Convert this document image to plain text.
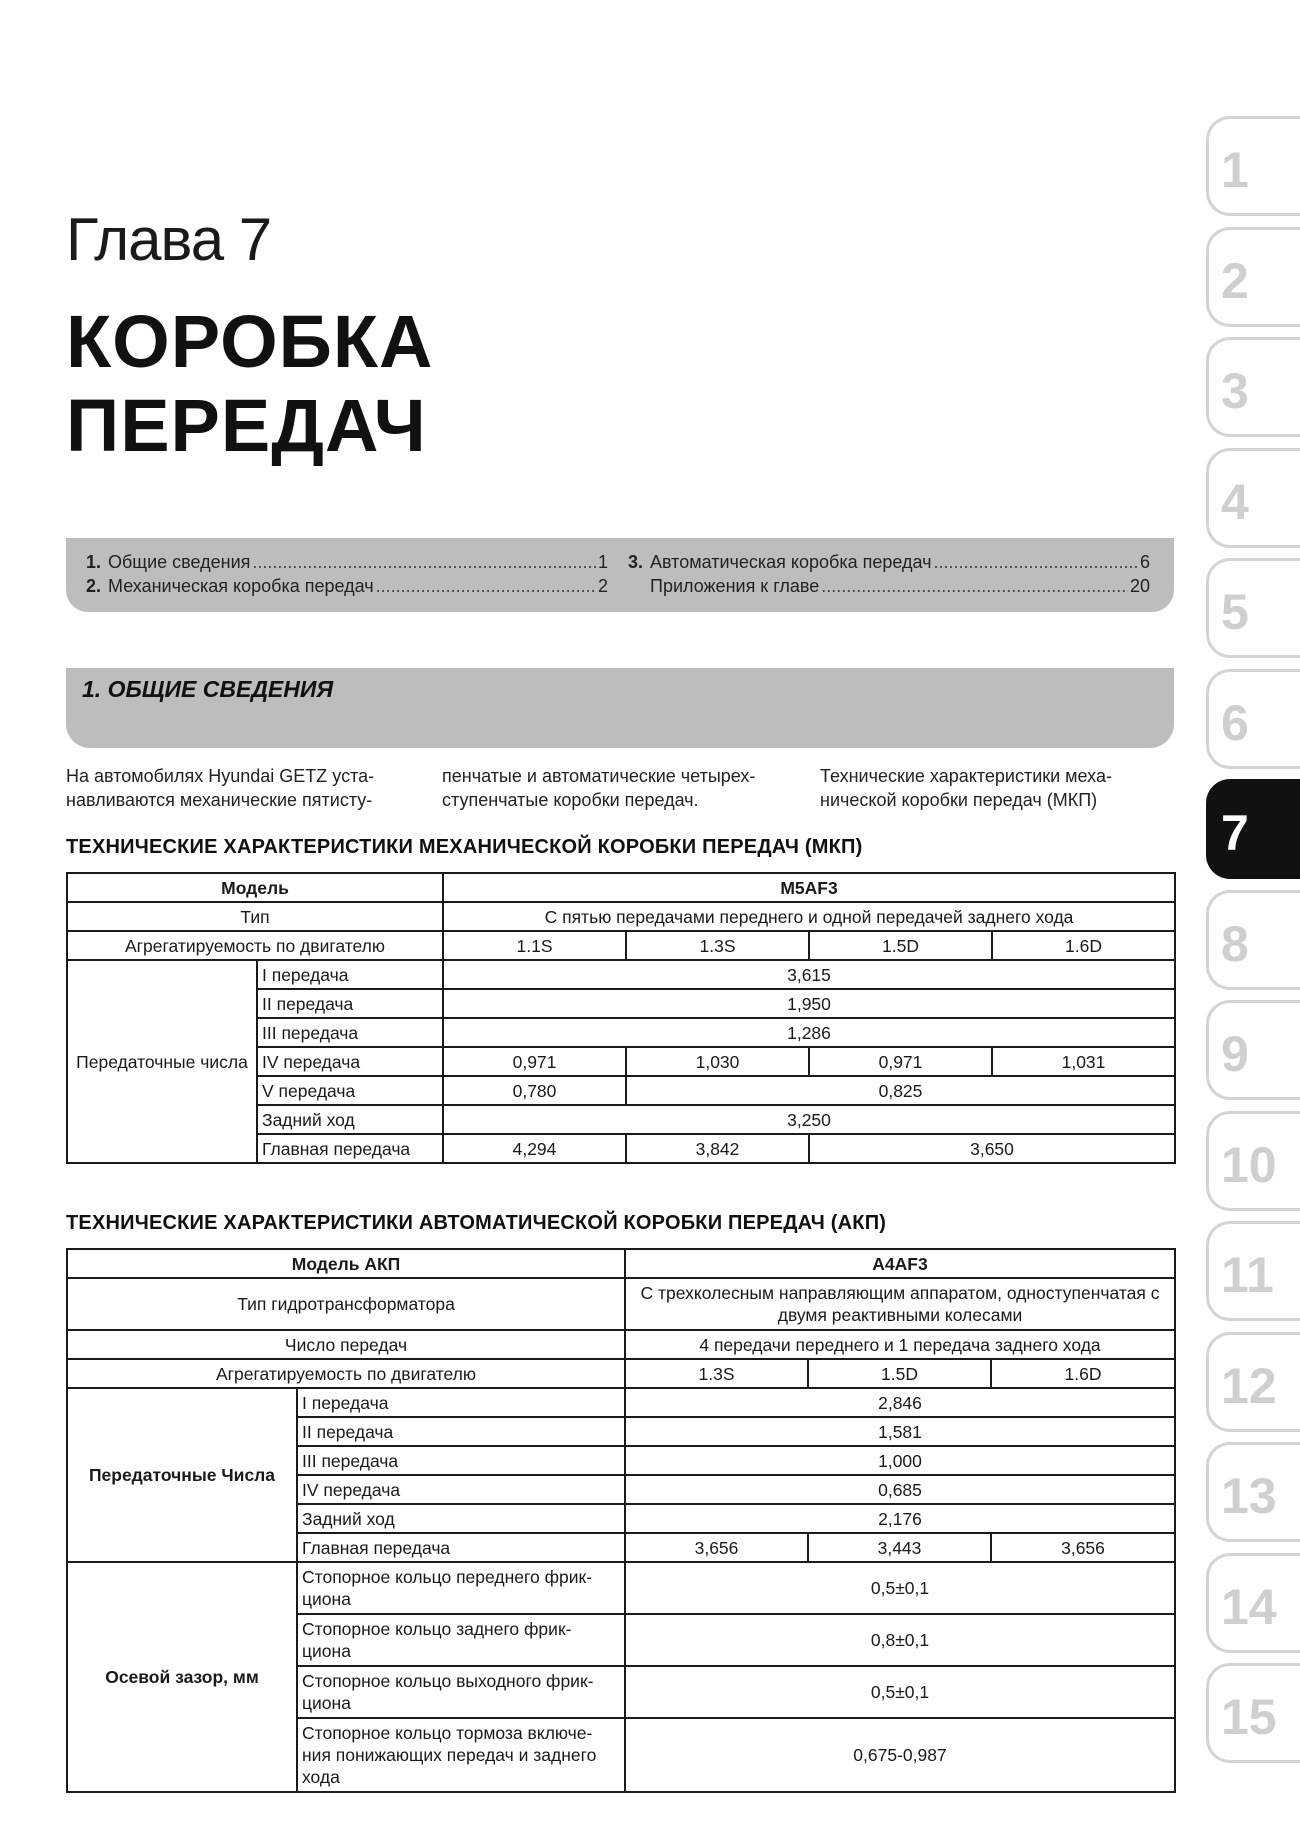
Глава 7
КОРОБКА ПЕРЕДАЧ
1. Общие сведения .....	1
2. Механическая коробка передач .....	2
3. Автоматическая коробка передач .....	6
Приложения к главе .....	20
1. ОБЩИЕ СВЕДЕНИЯ
На автомобилях Hyundai GETZ уста-навливаются механические пятисту-
пенчатые и автоматические четырех-ступенчатые коробки передач.
Технические характеристики меха-нической коробки передач (МКП)
ТЕХНИЧЕСКИЕ ХАРАКТЕРИСТИКИ МЕХАНИЧЕСКОЙ КОРОБКИ ПЕРЕДАЧ (МКП)
Модель		M5AF3			
Тип		С пятью передачами переднего и одной передачей заднего хода			
Агрегатируемость по двигателю		1.1S	1.3S	1.5D	1.6D
Передаточные числа	I передача	3,615			
	II передача	1,950			
	III передача	1,286			
	IV передача	0,971	1,030	0,971	1,031
	V передача	0,780	0,825		
	Задний ход	3,250			
	Главная передача	4,294	3,842	3,650	
ТЕХНИЧЕСКИЕ ХАРАКТЕРИСТИКИ АВТОМАТИЧЕСКОЙ КОРОБКИ ПЕРЕДАЧ (АКП)
Модель АКП		A4AF3		
Тип гидротрансформатора		С трехколесным направляющим аппаратом, одноступенчатая с двумя реактивными колесами		
Число передач		4 передачи переднего и 1 передача заднего хода		
Агрегатируемость по двигателю		1.3S	1.5D	1.6D
Передаточные Числа	I передача	2,846		
	II передача	1,581		
	III передача	1,000		
	IV передача	0,685		
	Задний ход	2,176		
	Главная передача	3,656	3,443	3,656
Осевой зазор, мм	Стопорное кольцо переднего фрик-циона	0,5±0,1		
	Стопорное кольцо заднего фрик-циона	0,8±0,1		
	Стопорное кольцо выходного фрик-циона	0,5±0,1		
	Стопорное кольцо тормоза включе-ния понижающих передач и заднего хода	0,675-0,987		
1
2
3
4
5
6
7
8
9
10
11
12
13
14
15
